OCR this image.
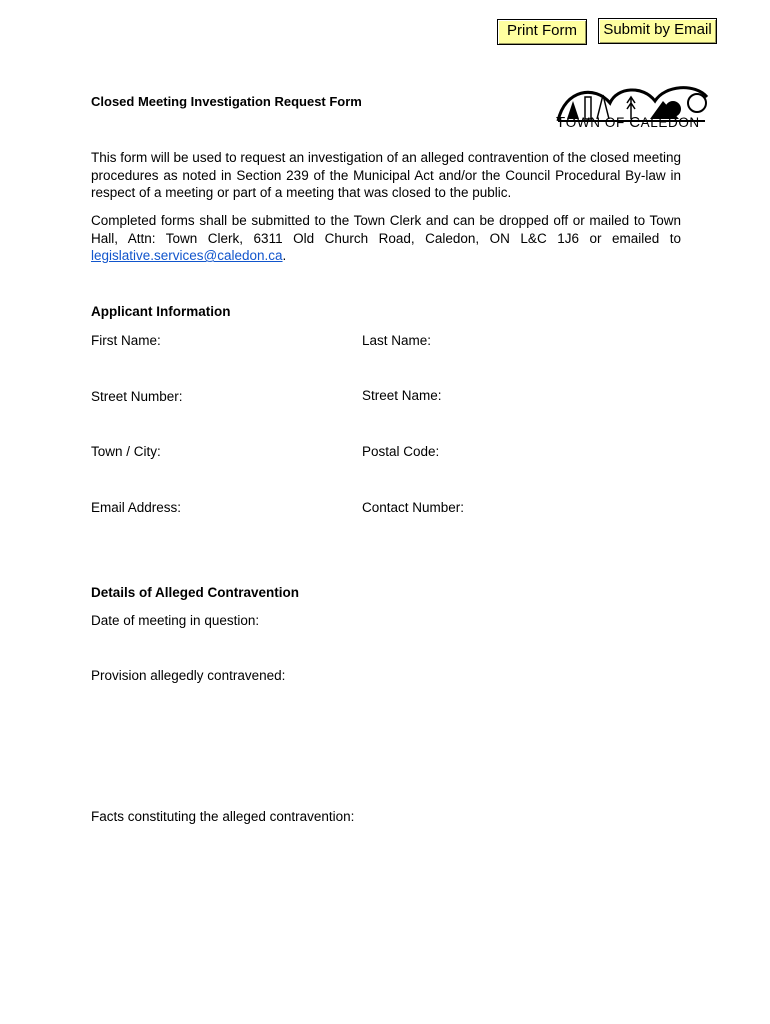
Print Form	Submit by Email
TOWN OF CALEDON
Closed Meeting Investigation Request Form
This form will be used to request an investigation of an alleged contravention of the closed meeting procedures as noted in Section 239 of the Municipal Act and/or the Council Procedural By-law in respect of a meeting or part of a meeting that was closed to the public.
Completed forms shall be submitted to the Town Clerk and can be dropped off or mailed to Town Hall, Attn: Town Clerk, 6311 Old Church Road, Caledon, ON L&C 1J6 or emailed to legislative.services@caledon.ca.
Applicant Information
First Name:	Last Name:
Street Number:	Street Name:
Town / City:	Postal Code:
Email Address:	Contact Number:
Details of Alleged Contravention
Date of meeting in question:
Provision allegedly contravened:
Facts constituting the alleged contravention:
